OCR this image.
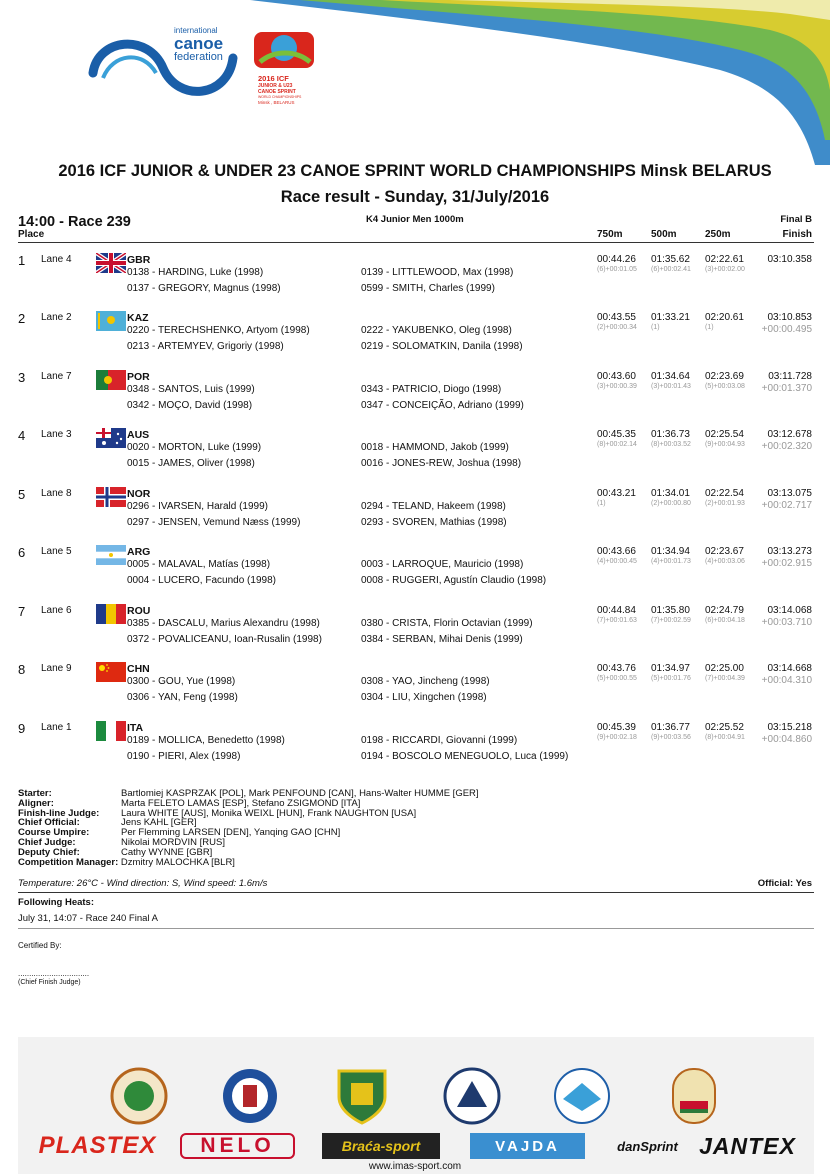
international
canoe
federation
2016 ICF
JUNIOR & U23
CANOE SPRINT
WORLD CHAMPIONSHIPS
Minsk , BELARUS
2016 ICF JUNIOR & UNDER 23 CANOE SPRINT WORLD CHAMPIONSHIPS Minsk BELARUS
Race result - Sunday, 31/July/2016
14:00 - Race 239
Place
K4 Junior Men 1000m	Final B
750m	500m	250m	Finish
1 Lane 4	GBR
0138 - HARDING, Luke (1998)	0139 - LITTLEWOOD, Max (1998)
0137 - GREGORY, Magnus (1998)	0599 - SMITH, Charles (1999)
00:44.26 01:35.62 02:22.61
(6)+00:01.05 (6)+00:02.41 (3)+00:02.00
03:10.358
2 Lane 2	KAZ
0220 - TERECHSHENKO, Artyom (1998)	0222 - YAKUBENKO, Oleg (1998)
0213 - ARTEMYEV, Grigoriy (1998)	0219 - SOLOMATKIN, Danila (1998)
00:43.55 01:33.21 02:20.61
(2)+00:00.34 (1)	(1)
03:10.853
+00:00.495
3 Lane 7	POR
0348 - SANTOS, Luis (1999)	0343 - PATRICIO, Diogo (1998)
0342 - MOÇO, David (1998)	0347 - CONCEIÇÃO, Adriano (1999)
00:43.60 01:34.64 02:23.69
(3)+00:00.39 (3)+00:01.43 (5)+00:03.08
03:11.728
+00:01.370
4 Lane 3	AUS
0020 - MORTON, Luke (1999)	0018 - HAMMOND, Jakob (1999)
0015 - JAMES, Oliver (1998)	0016 - JONES-REW, Joshua (1998)
00:45.35 01:36.73 02:25.54
(8)+00:02.14 (8)+00:03.52 (9)+00:04.93
03:12.678
+00:02.320
5 Lane 8	NOR
0296 - IVARSEN, Harald (1999)	0294 - TELAND, Hakeem (1998)
0297 - JENSEN, Vemund Næss (1999)	0293 - SVOREN, Mathias (1998)
00:43.21 01:34.01 02:22.54
(1)	(2)+00:00.80 (2)+00:01.93
03:13.075
+00:02.717
6 Lane 5	ARG
0005 - MALAVAL, Matías (1998)	0003 - LARROQUE, Mauricio (1998)
0004 - LUCERO, Facundo (1998)	0008 - RUGGERI, Agustín Claudio (1998)
00:43.66 01:34.94 02:23.67
(4)+00:00.45 (4)+00:01.73 (4)+00:03.06
03:13.273
+00:02.915
7 Lane 6	ROU
0385 - DASCALU, Marius Alexandru (1998)	0380 - CRISTA, Florin Octavian (1999)
0372 - POVALICEANU, Ioan-Rusalin (1998)	0384 - SERBAN, Mihai Denis (1999)
00:44.84 01:35.80 02:24.79
(7)+00:01.63 (7)+00:02.59 (6)+00:04.18
03:14.068
+00:03.710
8 Lane 9	CHN
0300 - GOU, Yue (1998)	0308 - YAO, Jincheng (1998)
0306 - YAN, Feng (1998)	0304 - LIU, Xingchen (1998)
00:43.76 01:34.97 02:25.00
(5)+00:00.55 (5)+00:01.76 (7)+00:04.39
03:14.668
+00:04.310
9 Lane 1	ITA
0189 - MOLLICA, Benedetto (1998)	0198 - RICCARDI, Giovanni (1999)
0190 - PIERI, Alex (1998)	0194 - BOSCOLO MENEGUOLO, Luca (1999)
00:45.39 01:36.77 02:25.52
(9)+00:02.18 (9)+00:03.56 (8)+00:04.91
03:15.218
+00:04.860
Starter:	Bartlomiej KASPRZAK [POL], Mark PENFOUND [CAN], Hans-Walter HUMME [GER]
Aligner:	Marta FELETO LAMAS [ESP], Stefano ZSIGMOND [ITA]
Finish-line Judge: Laura WHITE [AUS], Monika WEIXL [HUN], Frank NAUGHTON [USA]
Chief Official:	Jens KAHL [GER]
Course Umpire:	Per Flemming LARSEN [DEN], Yanqing GAO [CHN]
Chief Judge:	Nikolai MORDVIN [RUS]
Deputy Chief:	Cathy WYNNE [GBR]
Competition Manager: Dzmitry MALOCHKA [BLR]
Temperature: 26°C - Wind direction: S, Wind speed: 1.6m/s	Official: Yes
Following Heats:
July 31, 14:07 - Race 240 Final A
Certified By:
................................
(Chief Finish Judge)
PLASTEX	NELO	Braća-sport	VAJDA	danSprint JANTEX
www.imas-sport.com
